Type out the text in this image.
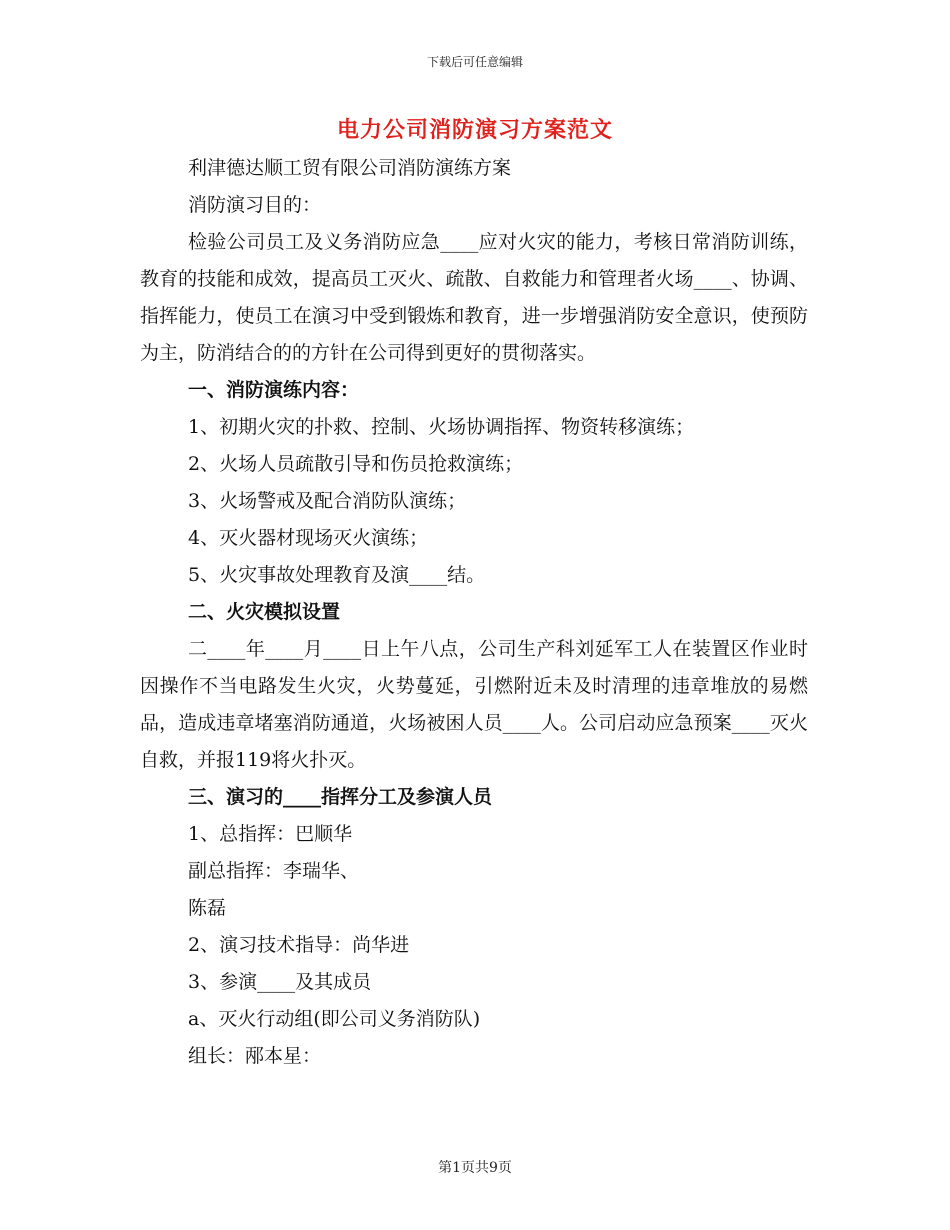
下载后可任意编辑
电力公司消防演习方案范文
利津德达顺工贸有限公司消防演练方案
消防演习目的：
检验公司员工及义务消防应急____应对火灾的能力，考核日常消防训练，教育的技能和成效，提高员工灭火、疏散、自救能力和管理者火场____、协调、指挥能力，使员工在演习中受到锻炼和教育，进一步增强消防安全意识，使预防为主，防消结合的的方针在公司得到更好的贯彻落实。
一、消防演练内容：
1、初期火灾的扑救、控制、火场协调指挥、物资转移演练；
2、火场人员疏散引导和伤员抢救演练；
3、火场警戒及配合消防队演练；
4、灭火器材现场灭火演练；
5、火灾事故处理教育及演____结。
二、火灾模拟设置
二____年____月____日上午八点，公司生产科刘延军工人在装置区作业时因操作不当电路发生火灾，火势蔓延，引燃附近未及时清理的违章堆放的易燃品，造成违章堵塞消防通道，火场被困人员____人。公司启动应急预案____灭火自救，并报119将火扑灭。
三、演习的____指挥分工及参演人员
1、总指挥：巴顺华
副总指挥：李瑞华、
陈磊
2、演习技术指导：尚华进
3、参演____及其成员
a、灭火行动组(即公司义务消防队)
组长：邴本星：
第1页共9页
